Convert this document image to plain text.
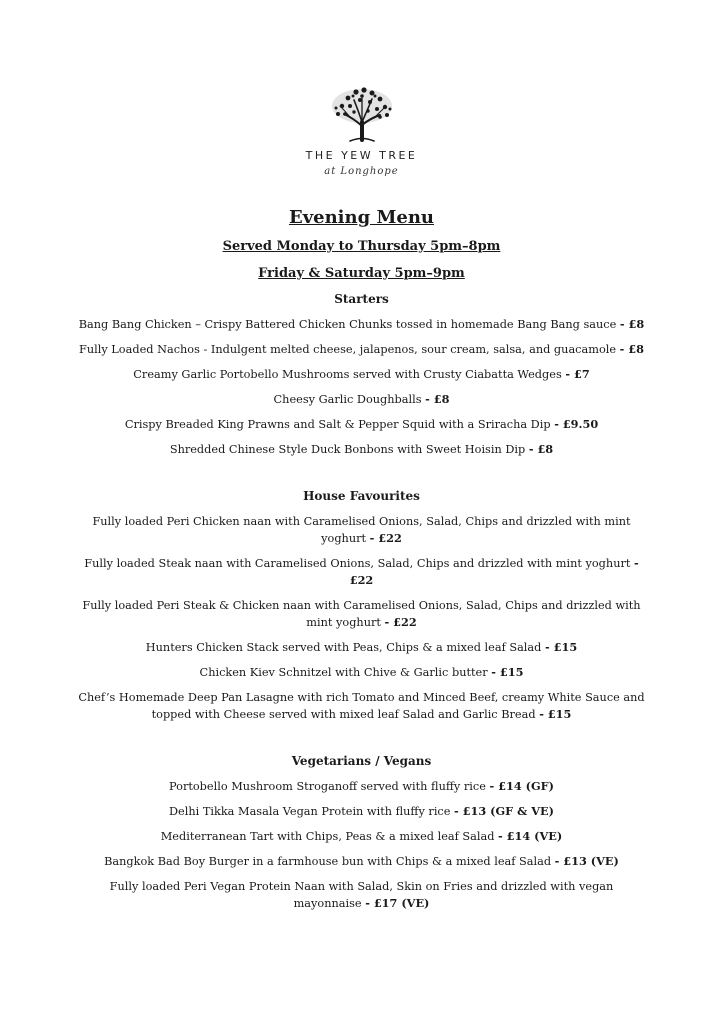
THE YEW TREE
at Longhope
Evening Menu
Served Monday to Thursday 5pm–8pm
Friday & Saturday 5pm–9pm
Starters
Bang Bang Chicken – Crispy Battered Chicken Chunks tossed in homemade Bang Bang sauce - £8
Fully Loaded Nachos - Indulgent melted cheese, jalapenos, sour cream, salsa, and guacamole - £8
Creamy Garlic Portobello Mushrooms served with Crusty Ciabatta Wedges - £7
Cheesy Garlic Doughballs - £8
Crispy Breaded King Prawns and Salt & Pepper Squid with a Sriracha Dip - £9.50
Shredded Chinese Style Duck Bonbons with Sweet Hoisin Dip - £8
House Favourites
Fully loaded Peri Chicken naan with Caramelised Onions, Salad, Chips and drizzled with mint yoghurt - £22
Fully loaded Steak naan with Caramelised Onions, Salad, Chips and drizzled with mint yoghurt - £22
Fully loaded Peri Steak & Chicken naan with Caramelised Onions, Salad, Chips and drizzled with mint yoghurt - £22
Hunters Chicken Stack served with Peas, Chips & a mixed leaf Salad - £15
Chicken Kiev Schnitzel with Chive & Garlic butter - £15
Chef’s Homemade Deep Pan Lasagne with rich Tomato and Minced Beef, creamy White Sauce and topped with Cheese served with mixed leaf Salad and Garlic Bread - £15
Vegetarians / Vegans
Portobello Mushroom Stroganoff served with fluffy rice - £14 (GF)
Delhi Tikka Masala Vegan Protein with fluffy rice - £13 (GF & VE)
Mediterranean Tart with Chips, Peas & a mixed leaf Salad - £14 (VE)
Bangkok Bad Boy Burger in a farmhouse bun with Chips & a mixed leaf Salad - £13 (VE)
Fully loaded Peri Vegan Protein Naan with Salad, Skin on Fries and drizzled with vegan mayonnaise - £17 (VE)
